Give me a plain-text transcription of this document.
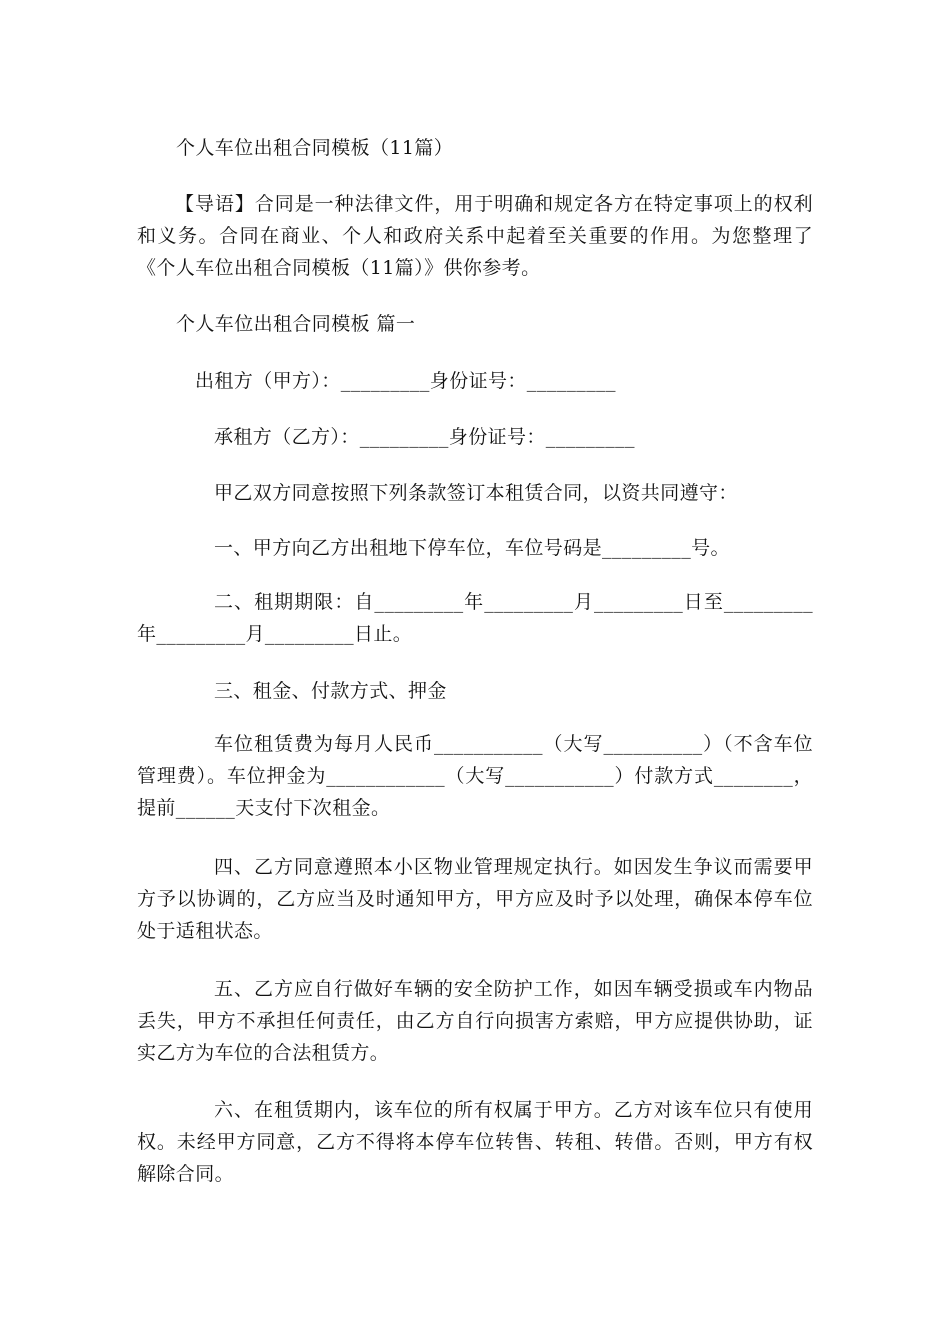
个人车位出租合同模板（11篇）
【导语】合同是一种法律文件，用于明确和规定各方在特定事项上的权利和义务。合同在商业、个人和政府关系中起着至关重要的作用。为您整理了《个人车位出租合同模板（11篇）》供你参考。
个人车位出租合同模板 篇一
出租方（甲方）：_________身份证号：_________
承租方（乙方）：_________身份证号：_________
甲乙双方同意按照下列条款签订本租赁合同，以资共同遵守：
一、甲方向乙方出租地下停车位，车位号码是_________号。
二、租期期限：自_________年_________月_________日至_________年_________月_________日止。
三、租金、付款方式、押金
车位租赁费为每月人民币___________（大写__________）（不含车位管理费）。车位押金为____________（大写___________）付款方式________，提前______天支付下次租金。
四、乙方同意遵照本小区物业管理规定执行。如因发生争议而需要甲方予以协调的，乙方应当及时通知甲方，甲方应及时予以处理，确保本停车位处于适租状态。
五、乙方应自行做好车辆的安全防护工作，如因车辆受损或车内物品丢失，甲方不承担任何责任，由乙方自行向损害方索赔，甲方应提供协助，证实乙方为车位的合法租赁方。
六、在租赁期内，该车位的所有权属于甲方。乙方对该车位只有使用权。未经甲方同意，乙方不得将本停车位转售、转租、转借。否则，甲方有权解除合同。
